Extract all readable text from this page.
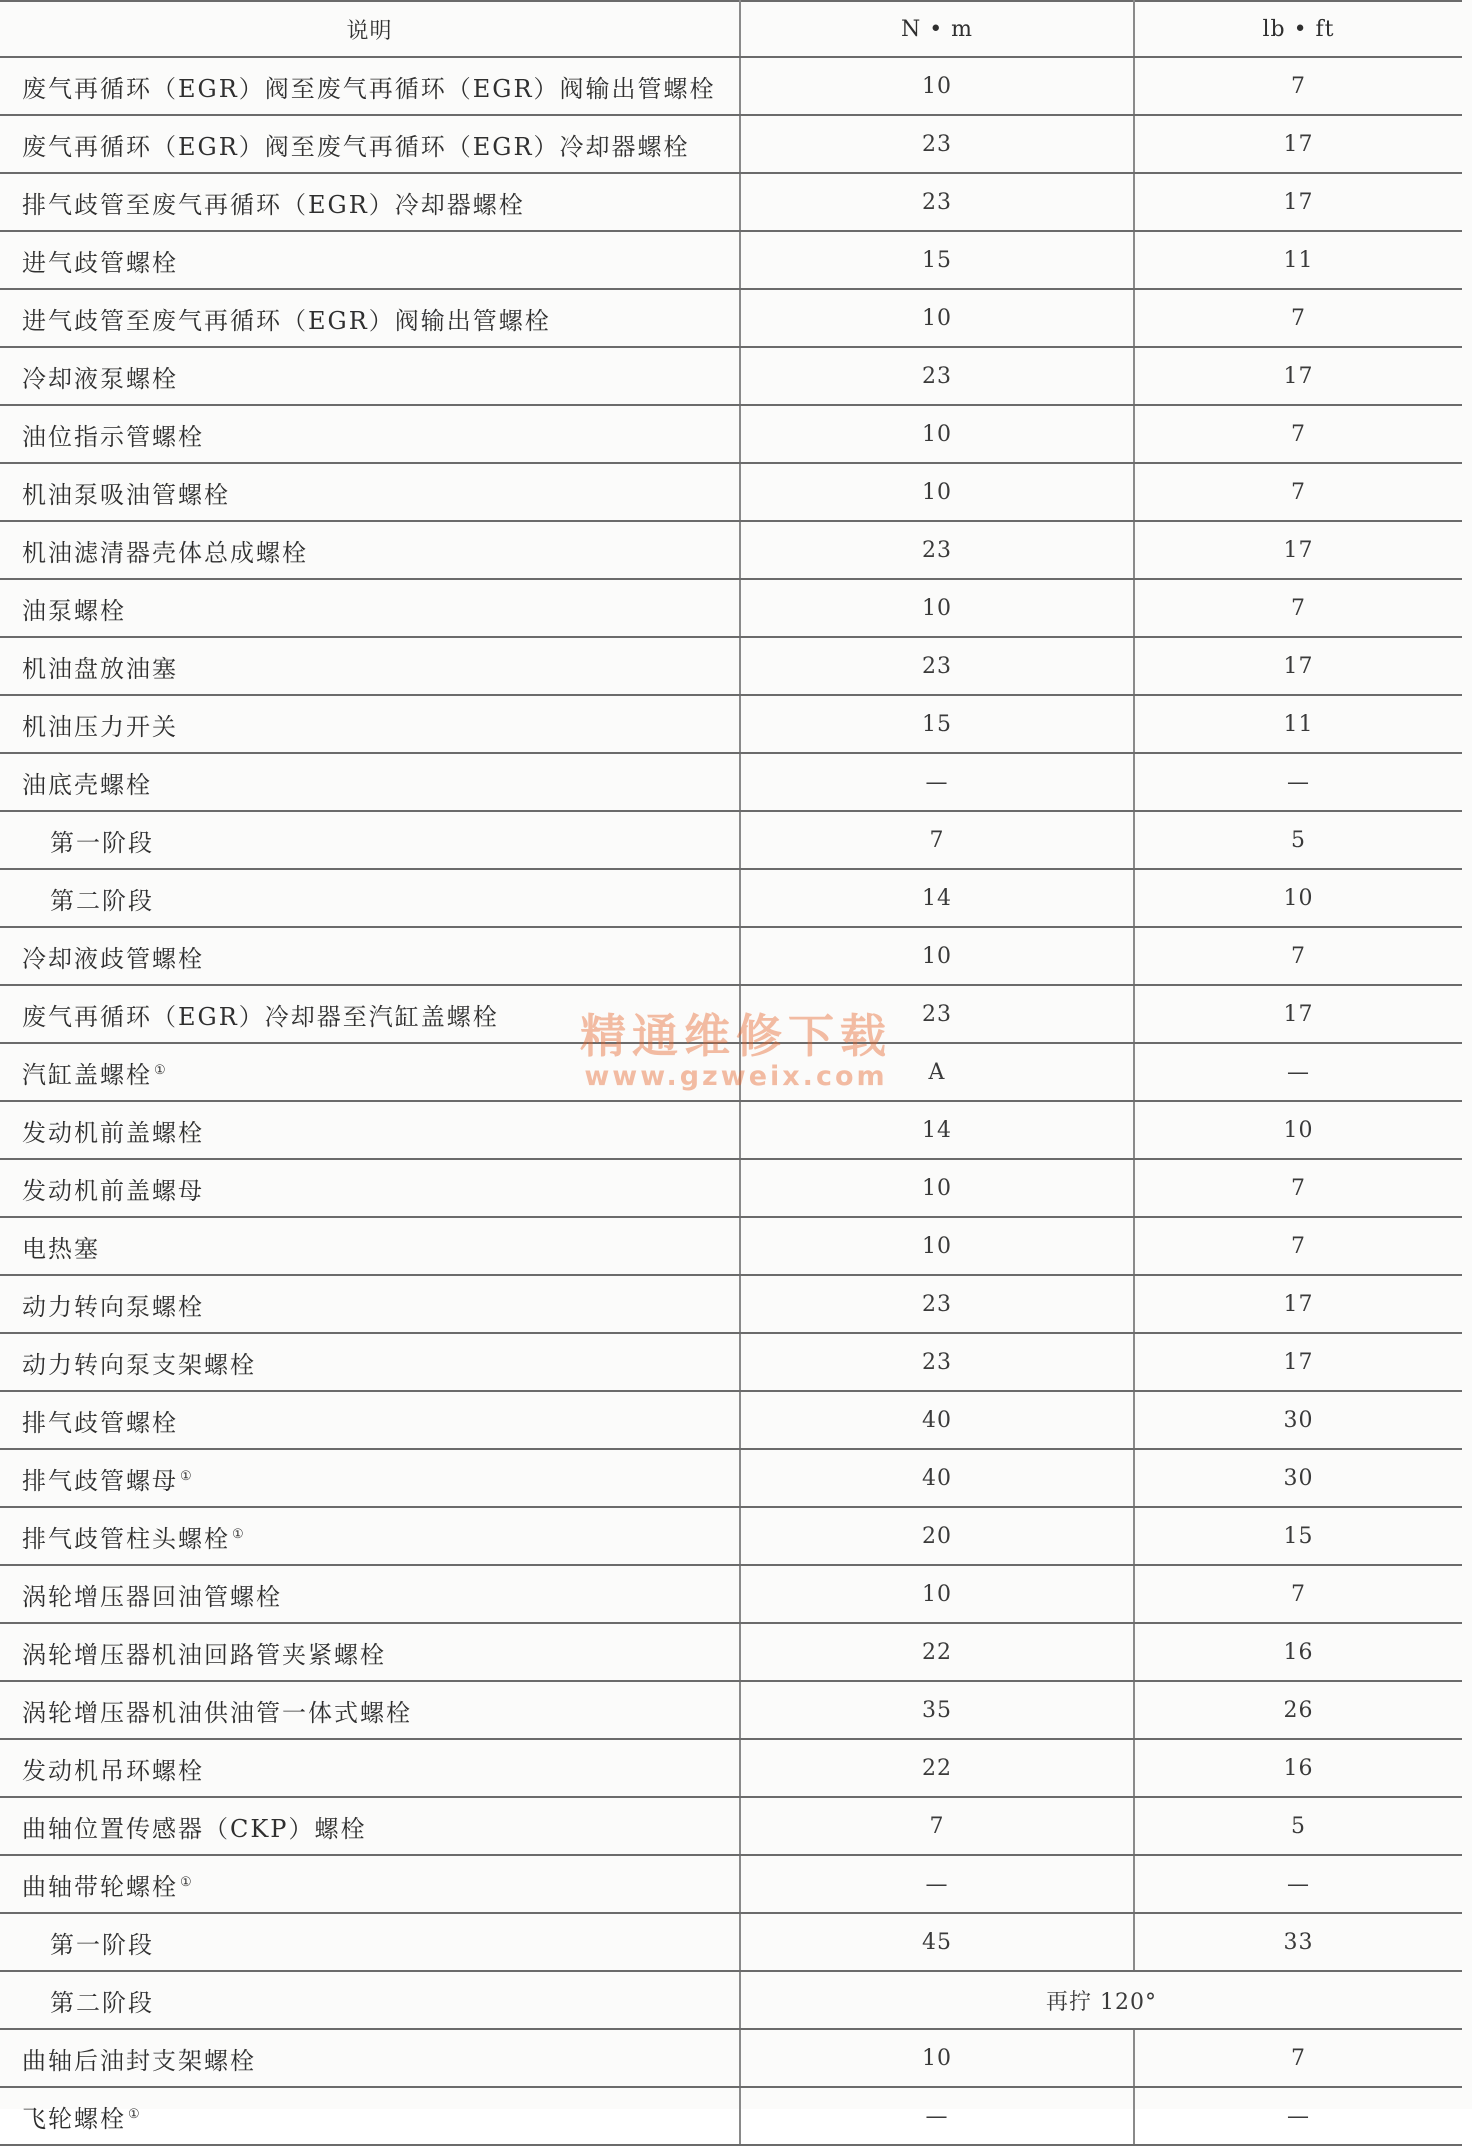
说明	N • m	lb • ft
废气再循环（EGR）阀至废气再循环（EGR）阀输出管螺栓	10	7
废气再循环（EGR）阀至废气再循环（EGR）冷却器螺栓	23	17
排气歧管至废气再循环（EGR）冷却器螺栓	23	17
进气歧管螺栓	15	11
进气歧管至废气再循环（EGR）阀输出管螺栓	10	7
冷却液泵螺栓	23	17
油位指示管螺栓	10	7
机油泵吸油管螺栓	10	7
机油滤清器壳体总成螺栓	23	17
油泵螺栓	10	7
机油盘放油塞	23	17
机油压力开关	15	11
油底壳螺栓	—	—
第一阶段	7	5
第二阶段	14	10
冷却液歧管螺栓	10	7
废气再循环（EGR）冷却器至汽缸盖螺栓	23	17
汽缸盖螺栓 ①	A	—
发动机前盖螺栓	14	10
发动机前盖螺母	10	7
电热塞	10	7
动力转向泵螺栓	23	17
动力转向泵支架螺栓	23	17
排气歧管螺栓	40	30
排气歧管螺母 ①	40	30
排气歧管柱头螺栓 ①	20	15
涡轮增压器回油管螺栓	10	7
涡轮增压器机油回路管夹紧螺栓	22	16
涡轮增压器机油供油管一体式螺栓	35	26
发动机吊环螺栓	22	16
曲轴位置传感器（CKP）螺栓	7	5
曲轴带轮螺栓 ①	—	—
第一阶段	45	33
第二阶段	再拧 120°	
曲轴后油封支架螺栓	10	7
飞轮螺栓 ①	—	—
精通维修下载
www.gzweix.com
